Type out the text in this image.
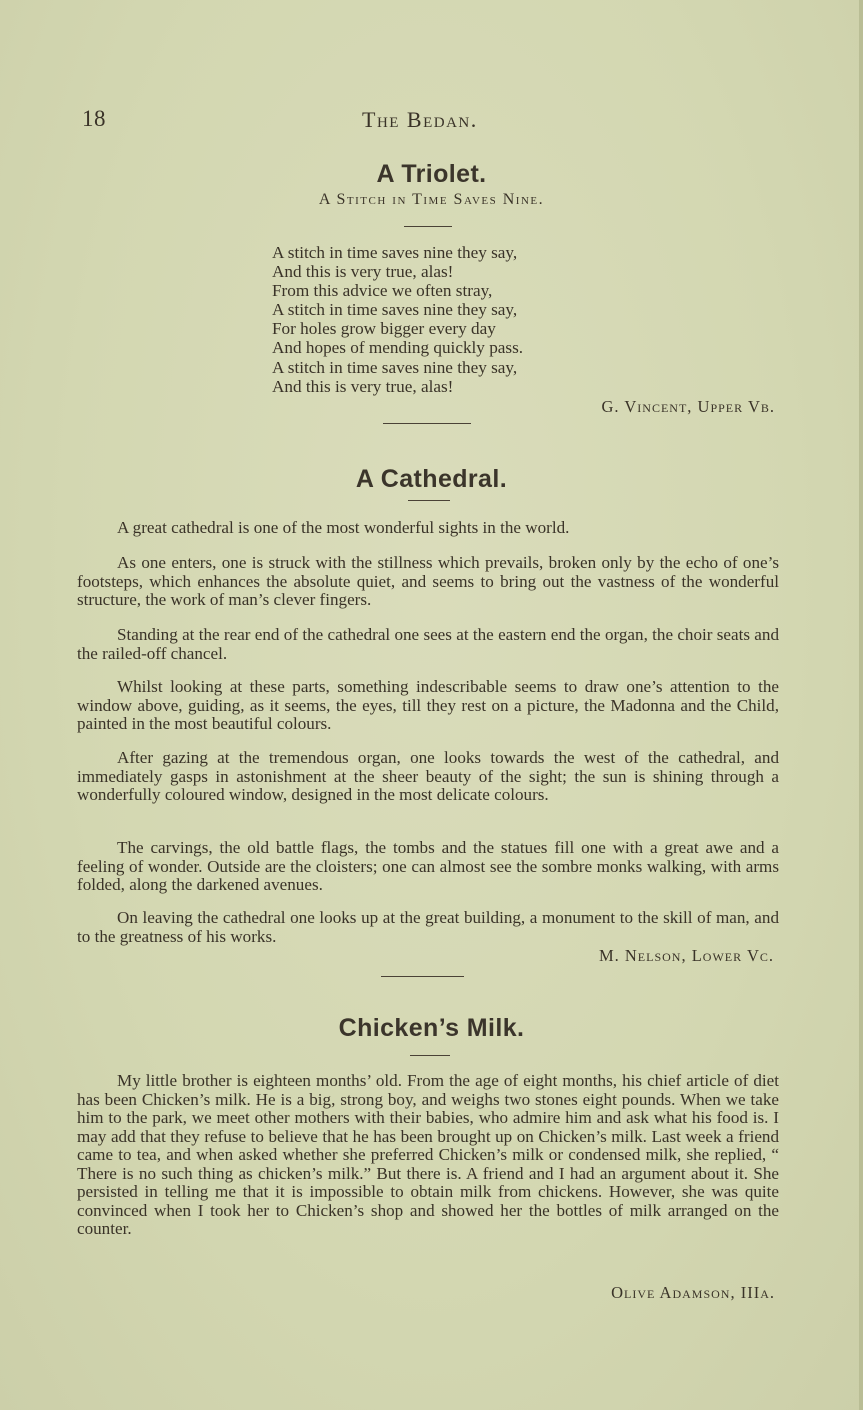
18	The Bedan.
A Triolet.
A Stitch in Time Saves Nine.
A stitch in time saves nine they say,
And this is very true, alas!
From this advice we often stray,
A stitch in time saves nine they say,
For holes grow bigger every day
And hopes of mending quickly pass.
A stitch in time saves nine they say,
And this is very true, alas!
G. Vincent, Upper Vb.
A Cathedral.

A great cathedral is one of the most wonderful sights in the world.

As one enters, one is struck with the stillness which prevails, broken only by the echo of one’s footsteps, which enhances the absolute quiet, and seems to bring out the vastness of the wonderful structure, the work of man’s clever fingers.

Standing at the rear end of the cathedral one sees at the eastern end the organ, the choir seats and the railed-off chancel.

Whilst looking at these parts, something indescribable seems to draw one’s attention to the window above, guiding, as it seems, the eyes, till they rest on a picture, the Madonna and the Child, painted in the most beautiful colours.

After gazing at the tremendous organ, one looks towards the west of the cathedral, and immediately gasps in astonishment at the sheer beauty of the sight; the sun is shining through a wonderfully coloured window, designed in the most delicate colours.

The carvings, the old battle flags, the tombs and the statues fill one with a great awe and a feeling of wonder. Outside are the cloisters; one can almost see the sombre monks walking, with arms folded, along the darkened avenues.

On leaving the cathedral one looks up at the great building, a monument to the skill of man, and to the greatness of his works.

M. Nelson, Lower Vc.
Chicken’s Milk.

My little brother is eighteen months’ old. From the age of eight months, his chief article of diet has been Chicken’s milk. He is a big, strong boy, and weighs two stones eight pounds. When we take him to the park, we meet other mothers with their babies, who admire him and ask what his food is. I may add that they refuse to believe that he has been brought up on Chicken’s milk. Last week a friend came to tea, and when asked whether she preferred Chicken’s milk or condensed milk, she replied, “ There is no such thing as chicken’s milk.” But there is. A friend and I had an argument about it. She persisted in telling me that it is impossible to obtain milk from chickens. However, she was quite convinced when I took her to Chicken’s shop and showed her the bottles of milk arranged on the counter.

Olive Adamson, IIIa.
